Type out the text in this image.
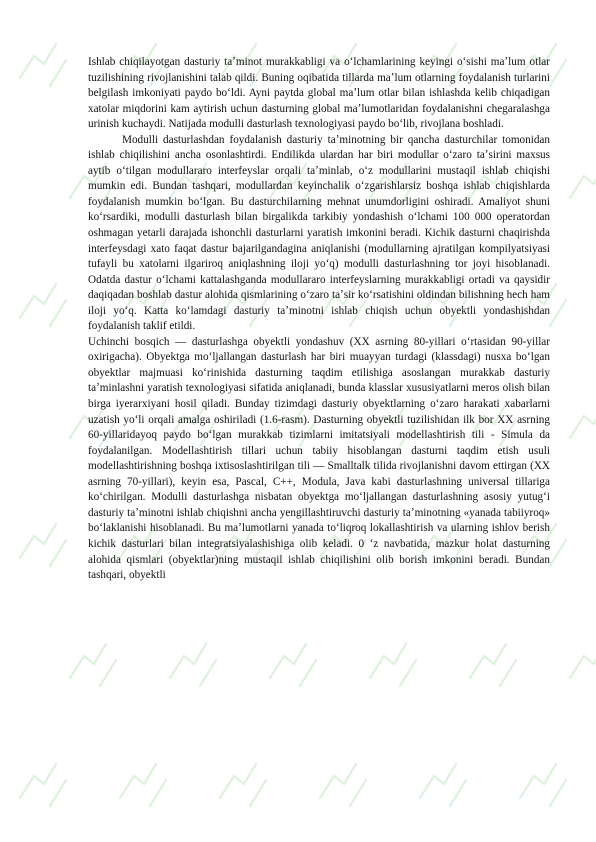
Ishlab chiqilayotgan dasturiy taʼminot murakkabligi va oʻlchamlarining keyingi oʻsishi maʼlum otlar tuzilishining rivojlanishini talab qildi. Buning oqibatida tillarda maʼlum otlarning foydalanish turlarini belgilash imkoniyati paydo boʻldi. Ayni paytda global maʼlum otlar bilan ishlashda kelib chiqadigan xatolar miqdorini kam aytirish uchun dasturning global maʼlumotlaridan foydalanishni chegaralashga urinish kuchaydi. Natijada modulli dasturlash texnologiyasi paydo boʻlib, rivojlana boshladi.

Modulli dasturlashdan foydalanish dasturiy taʼminotning bir qancha dasturchilar tomonidan ishlab chiqilishini ancha osonlashtirdi. Endilikda ulardan har biri modullar oʻzaro taʼsirini maxsus aytib oʻtilgan modullararo interfeyslar orqali taʼminlab, oʻz modullarini mustaqil ishlab chiqishi mumkin edi. Bundan tashqari, modullardan keyinchalik oʻzgarishlarsiz boshqa ishlab chiqishlarda foydalanish mumkin boʻlgan. Bu dasturchilarning mehnat unumdorligini oshiradi. Amaliyot shuni koʻrsardiki, modulli dasturlash bilan birgalikda tarkibiy yondashish oʻlchami 100 000 operatordan oshmagan yetarli darajada ishonchli dasturlarni yaratish imkonini beradi. Kichik dasturni chaqirishda interfeysdagi xato faqat dastur bajarilgandagina aniqlanishi (modullarning ajratilgan kompilyatsiyasi tufayli bu xatolarni ilgariroq aniqlashning iloji yoʻq) modulli dasturlashning tor joyi hisoblanadi. Odatda dastur oʻlchami kattalashganda modullararo interfeyslarning murakkabligi ortadi va qaysidir daqiqadan boshlab dastur alohida qismlarining oʻzaro taʼsir koʻrsatishini oldindan bilishning hech ham iloji yoʻq. Katta koʻlamdagi dasturiy taʼminotni ishlab chiqish uchun obyektli yondashishdan foydalanish taklif etildi.

Uchinchi bosqich — dasturlashga obyektli yondashuv (XX asrning 80-yillari oʻrtasidan 90-yillar oxirigacha). Obyektga moʻljallangan dasturlash har biri muayyan turdagi (klassdagi) nusxa boʻlgan obyektlar majmuasi koʻrinishida dasturning taqdim etilishiga asoslangan murakkab dasturiy taʼminlashni yaratish texnologiyasi sifatida aniqlanadi, bunda klasslar xususiyatlarni meros olish bilan birga iyerarxiyani hosil qiladi. Bunday tizimdagi dasturiy obyektlarning oʻzaro harakati xabarlarni uzatish yoʻli orqali amalga oshiriladi (1.6-rasm). Dasturning obyektli tuzilishidan ilk bor XX asrning 60-yillaridayoq paydo boʻlgan murakkab tizimlarni imitatsiyali modellashtirish tili - Simula da foydalanilgan. Modellashtirish tillari uchun tabiiy hisoblangan dasturni taqdim etish usuli modellashtirishning boshqa ixtisoslashtirilgan tili — Smalltalk tilida rivojlanishni davom ettirgan (XX asrning 70-yillari), keyin esa, Pascal, C++, Modula, Java kabi dasturlashning universal tillariga koʻchirilgan. Modulli dasturlashga nisbatan obyektga moʻljallangan dasturlashning asosiy yutugʻi dasturiy taʼminotni ishlab chiqishni ancha yengillashtiruvchi dasturiy taʼminotning «yanada tabiiyroq» boʻlaklanishi hisoblanadi. Bu maʼlumotlarni yanada toʻliqroq lokallashtirish va ularning ishlov berish kichik dasturlari bilan integratsiyalashishiga olib keladi. 0 ʻz navbatida, mazkur holat dasturning alohida qismlari (obyektlar)ning mustaqil ishlab chiqilishini olib borish imkonini beradi. Bundan tashqari, obyektli
